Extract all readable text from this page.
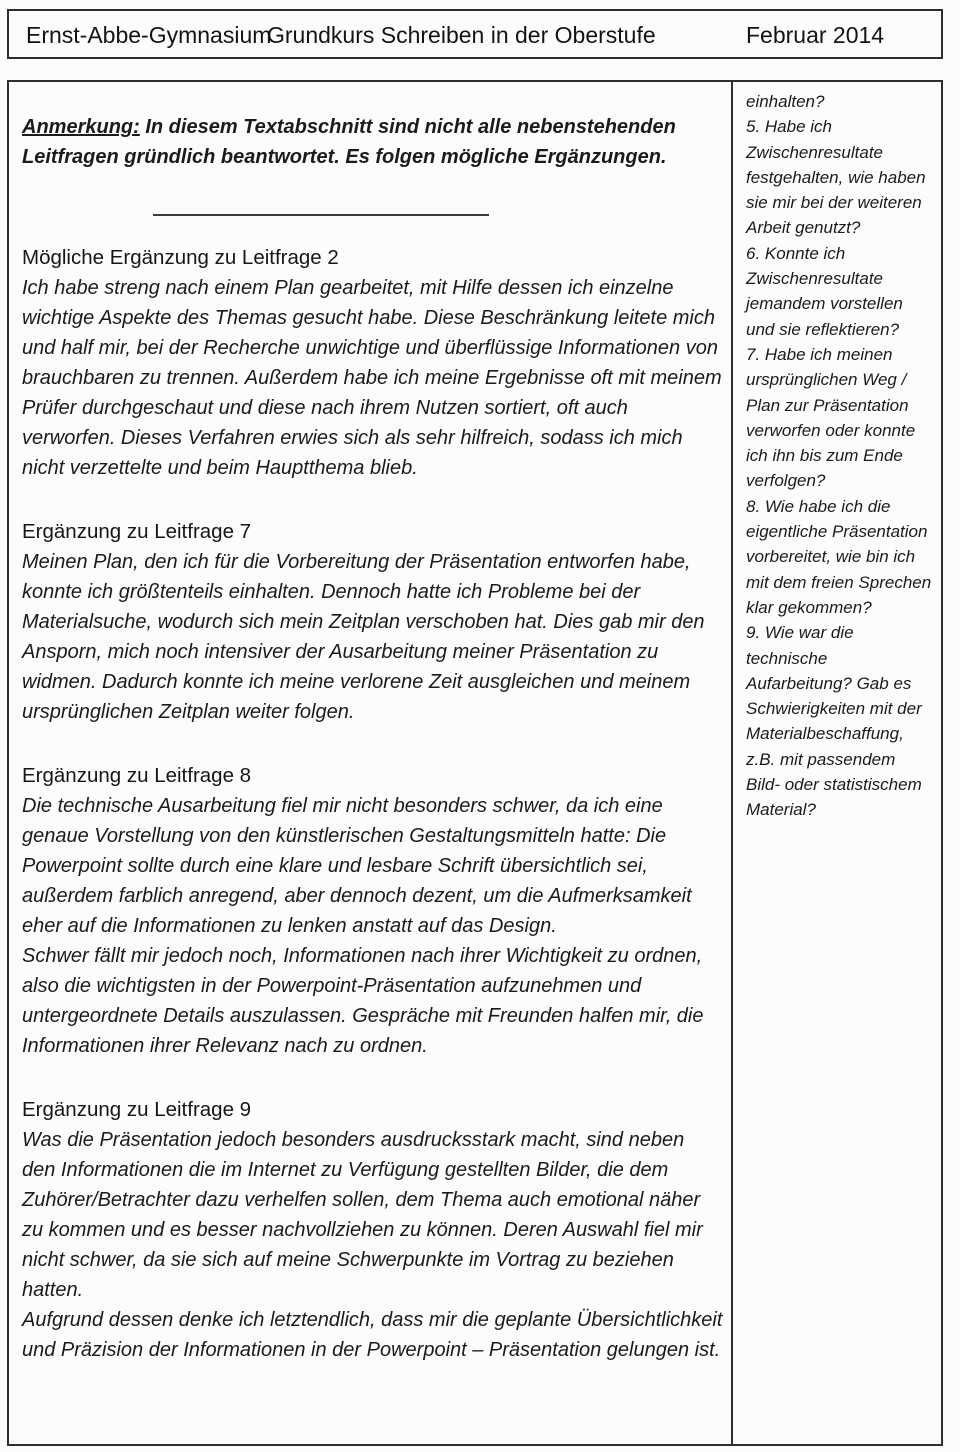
Ernst-Abbe-Gymnasium
Grundkurs Schreiben in der Oberstufe	Februar 2014

Anmerkung: In diesem Textabschnitt sind nicht alle nebenstehenden Leitfragen gründlich beantwortet. Es folgen mögliche Ergänzungen.

Mögliche Ergänzung zu Leitfrage 2

Ich habe streng nach einem Plan gearbeitet, mit Hilfe dessen ich einzelne wichtige Aspekte des Themas gesucht habe. Diese Beschränkung leitete mich und half mir, bei der Recherche unwichtige und überflüssige Informationen von brauchbaren zu trennen. Außerdem habe ich meine Ergebnisse oft mit meinem Prüfer durchgeschaut und diese nach ihrem Nutzen sortiert, oft auch verworfen. Dieses Verfahren erwies sich als sehr hilfreich, sodass ich mich nicht verzettelte und beim Hauptthema blieb.

Ergänzung zu Leitfrage 7

Meinen Plan, den ich für die Vorbereitung der Präsentation entworfen habe, konnte ich größtenteils einhalten. Dennoch hatte ich Probleme bei der Materialsuche, wodurch sich mein Zeitplan verschoben hat. Dies gab mir den Ansporn, mich noch intensiver der Ausarbeitung meiner Präsentation zu widmen. Dadurch konnte ich meine verlorene Zeit ausgleichen und meinem ursprünglichen Zeitplan weiter folgen.

Ergänzung zu Leitfrage 8

Die technische Ausarbeitung fiel mir nicht besonders schwer, da ich eine genaue Vorstellung von den künstlerischen Gestaltungsmitteln hatte: Die Powerpoint sollte durch eine klare und lesbare Schrift übersichtlich sei, außerdem farblich anregend, aber dennoch dezent, um die Aufmerksamkeit eher auf die Informationen zu lenken anstatt auf das Design.

Schwer fällt mir jedoch noch, Informationen nach ihrer Wichtigkeit zu ordnen, also die wichtigsten in der Powerpoint-Präsentation aufzunehmen und untergeordnete Details auszulassen. Gespräche mit Freunden halfen mir, die Informationen ihrer Relevanz nach zu ordnen.

Ergänzung zu Leitfrage 9

Was die Präsentation jedoch besonders ausdrucksstark macht, sind neben den Informationen die im Internet zu Verfügung gestellten Bilder, die dem Zuhörer/Betrachter dazu verhelfen sollen, dem Thema auch emotional näher zu kommen und es besser nachvollziehen zu können. Deren Auswahl fiel mir nicht schwer, da sie sich auf meine Schwerpunkte im Vortrag zu beziehen hatten.

Aufgrund dessen denke ich letztendlich, dass mir die geplante Übersichtlichkeit und Präzision der Informationen in der Powerpoint – Präsentation gelungen ist.

einhalten?

5. Habe ich Zwischenresultate festgehalten, wie haben sie mir bei der weiteren Arbeit genutzt?

6. Konnte ich Zwischenresultate jemandem vorstellen und sie reflektieren?

7. Habe ich meinen ursprünglichen Weg / Plan zur Präsentation verworfen oder konnte ich ihn bis zum Ende verfolgen?

8. Wie habe ich die eigentliche Präsentation vorbereitet, wie bin ich mit dem freien Sprechen klar gekommen?

9. Wie war die technische Aufarbeitung? Gab es Schwierigkeiten mit der Materialbeschaffung, z.B. mit passendem Bild- oder statistischem Material?
